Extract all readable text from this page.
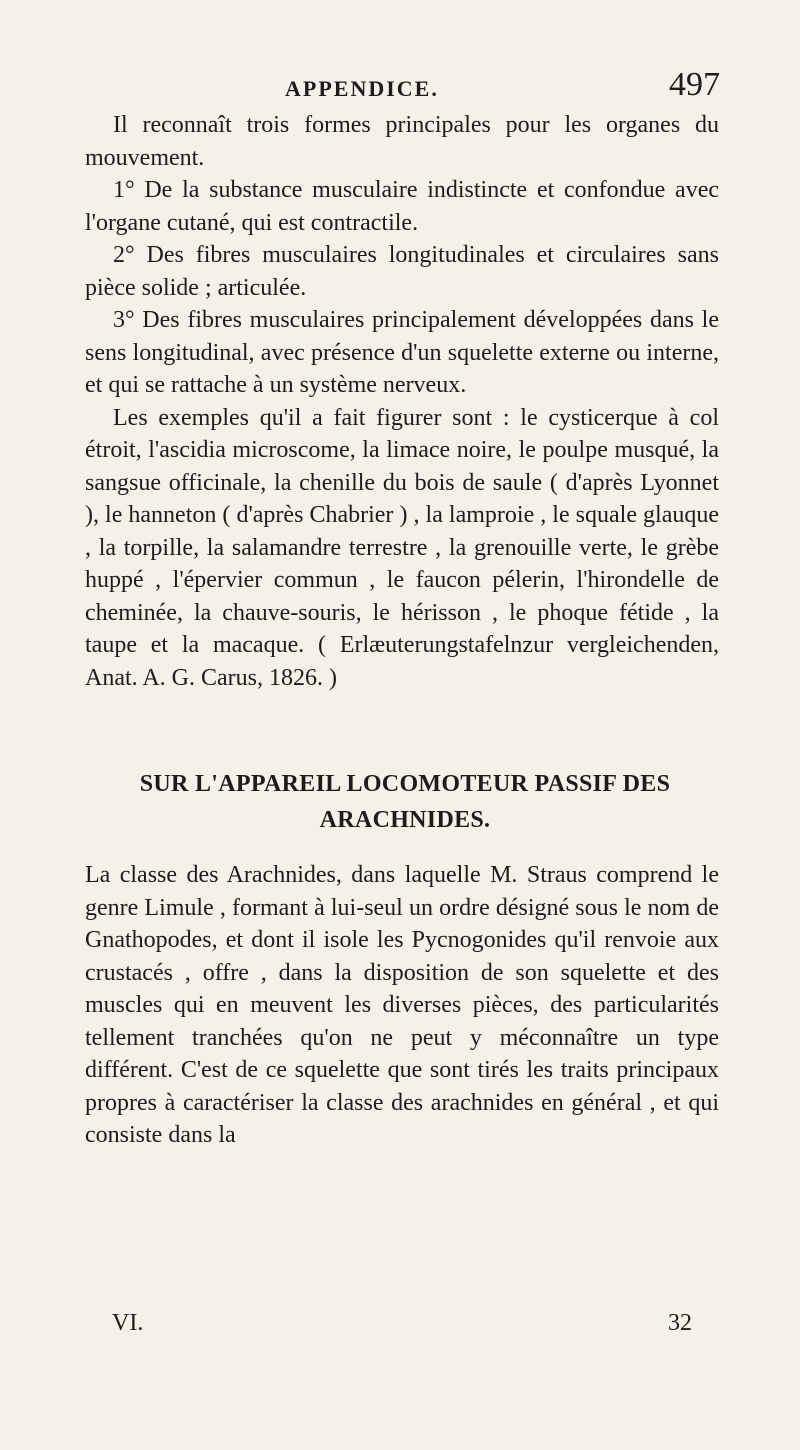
APPENDICE.	497

Il reconnaît trois formes principales pour les organes du mouvement.

1° De la substance musculaire indistincte et confondue avec l'organe cutané, qui est contractile.

2° Des fibres musculaires longitudinales et circulaires sans pièce solide ; articulée.

3° Des fibres musculaires principalement développées dans le sens longitudinal, avec présence d'un squelette externe ou interne, et qui se rattache à un système nerveux.

Les exemples qu'il a fait figurer sont : le cysticerque à col étroit, l'ascidia microscome, la limace noire, le poulpe musqué, la sangsue officinale, la chenille du bois de saule ( d'après Lyonnet ), le hanneton ( d'après Chabrier ) , la lamproie , le squale glauque , la torpille, la salamandre terrestre , la grenouille verte, le grèbe huppé , l'épervier commun , le faucon pélerin, l'hirondelle de cheminée, la chauve-souris, le hérisson , le phoque fétide , la taupe et la macaque. ( Erlæuterungstafelnzur vergleichenden, Anat. A. G. Carus, 1826. )

SUR L'APPAREIL LOCOMOTEUR PASSIF DES ARACHNIDES.
La classe des Arachnides, dans laquelle M. Straus comprend le genre Limule , formant à lui-seul un ordre désigné sous le nom de Gnathopodes, et dont il isole les Pycnogonides qu'il renvoie aux crustacés , offre , dans la disposition de son squelette et des muscles qui en meuvent les diverses pièces, des particularités tellement tranchées qu'on ne peut y méconnaître un type différent. C'est de ce squelette que sont tirés les traits principaux propres à caractériser la classe des arachnides en général , et qui consiste dans la
VI.	32
